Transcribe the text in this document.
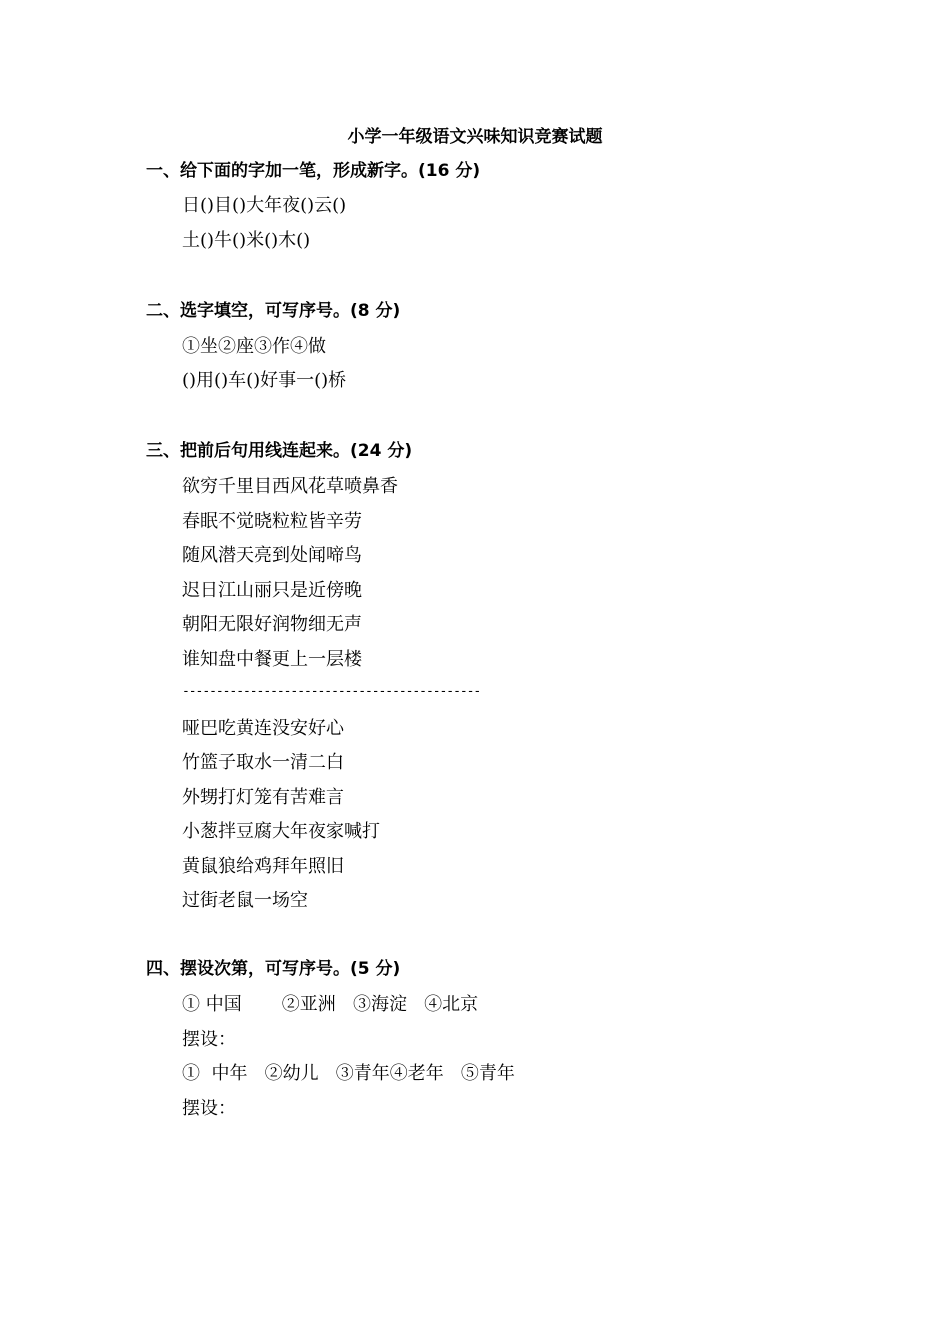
小学一年级语文兴味知识竞赛试题
一、给下面的字加一笔，形成新字。(16 分)
日()目()大年夜()云()
土()牛()米()木()
二、选字填空，可写序号。(8 分)
①坐②座③作④做
()用()车()好事一()桥
三、把前后句用线连起来。(24 分)
欲穷千里目西风花草喷鼻香
春眠不觉晓粒粒皆辛劳
随风潜天亮到处闻啼鸟
迟日江山丽只是近傍晚
朝阳无限好润物细无声
谁知盘中餐更上一层楼
--------------------------------------------
哑巴吃黄连没安好心
竹篮子取水一清二白
外甥打灯笼有苦难言
小葱拌豆腐大年夜家喊打
黄鼠狼给鸡拜年照旧
过街老鼠一场空
四、摆设次第，可写序号。(5 分)
① 中国       ②亚洲   ③海淀   ④北京
摆设：
①  中年   ②幼儿   ③青年④老年   ⑤青年
摆设：
